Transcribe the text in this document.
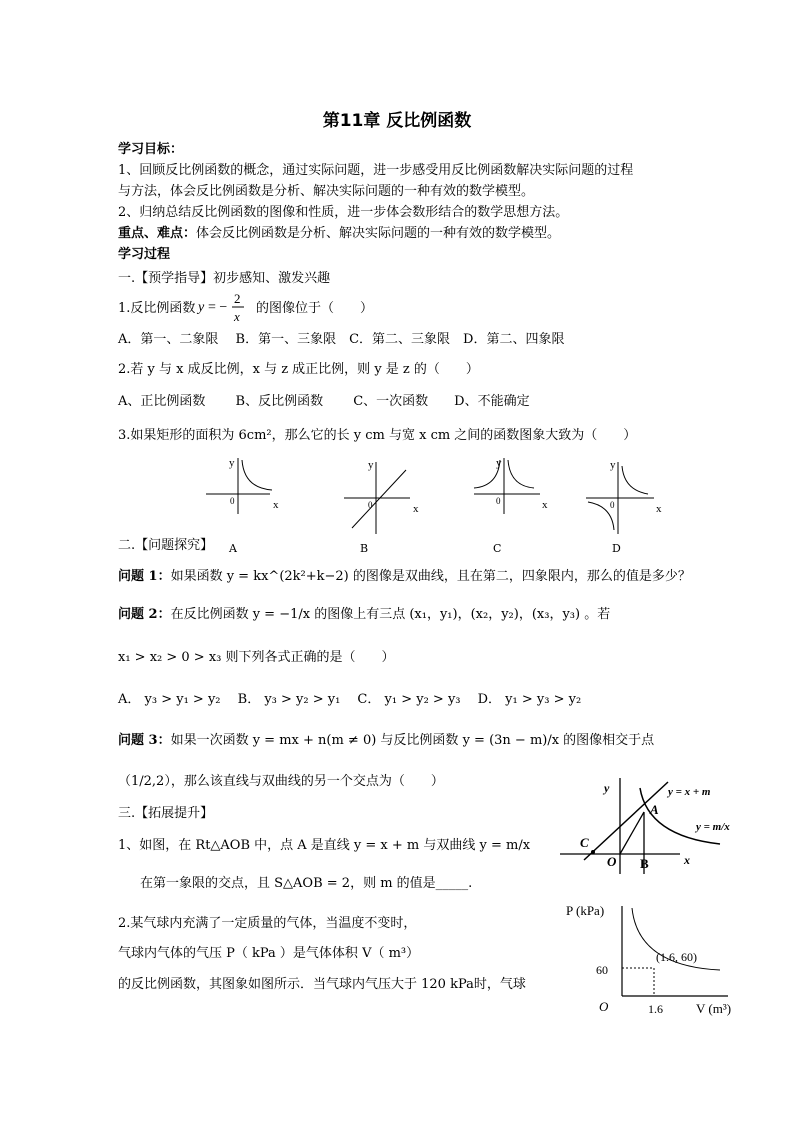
第11章 反比例函数
学习目标：
1、回顾反比例函数的概念，通过实际问题，进一步感受用反比例函数解决实际问题的过程
与方法，体会反比例函数是分析、解决实际问题的一种有效的数学模型。
2、归纳总结反比例函数的图像和性质，进一步体会数形结合的数学思想方法。
重点、难点：体会反比例函数是分析、解决实际问题的一种有效的数学模型。
学习过程
一.【预学指导】初步感知、激发兴趣
1.反比例函数 y = −
2
x
的图像位于（　　）
A．第一、二象限　 B．第一、三象限　C．第二、三象限　D．第二、四象限
2.若 y 与 x 成反比例，x 与 z 成正比例，则 y 是 z 的（　　）
A、正比例函数　　 B、反比例函数　　 C、一次函数　　D、不能确定
3.如果矩形的面积为 6cm²，那么它的长 y cm 与宽 x cm 之间的函数图象大致为（　　）
y
0	x
y
0	x
y
0	x
y
0	x
二.【问题探究】 A	B	C	D
问题 1：如果函数 y = kx^(2k²+k−2) 的图像是双曲线，且在第二，四象限内，那么的值是多少？
问题 2：在反比例函数 y = −1/x 的图像上有三点 (x₁，y₁)，(x₂，y₂)，(x₃，y₃) 。若
x₁ > x₂ > 0 > x₃ 则下列各式正确的是（　　）
A． y₃ > y₁ > y₂　 B． y₃ > y₂ > y₁　 C． y₁ > y₂ > y₃　 D． y₁ > y₃ > y₂
问题 3：如果一次函数 y = mx + n(m ≠ 0) 与反比例函数 y = (3n − m)/x 的图像相交于点
（1/2,2），那么该直线与双曲线的另一个交点为（　　）
三.【拓展提升】
1、如图，在 Rt△AOB 中，点 A 是直线 y = x + m 与双曲线 y = m/x
在第一象限的交点，且 S△AOB = 2，则 m 的值是_____.
2.某气球内充满了一定质量的气体，当温度不变时，
气球内气体的气压 P（ kPa ）是气体体积 V（ m³）
的反比例函数，其图象如图所示．当气球内气压大于 120 kPa时，气球
y	y = x + m
A
y = m/x
C
O B	x
P (kPa)
(1.6, 60)
60
O	1.6	V (m³)
